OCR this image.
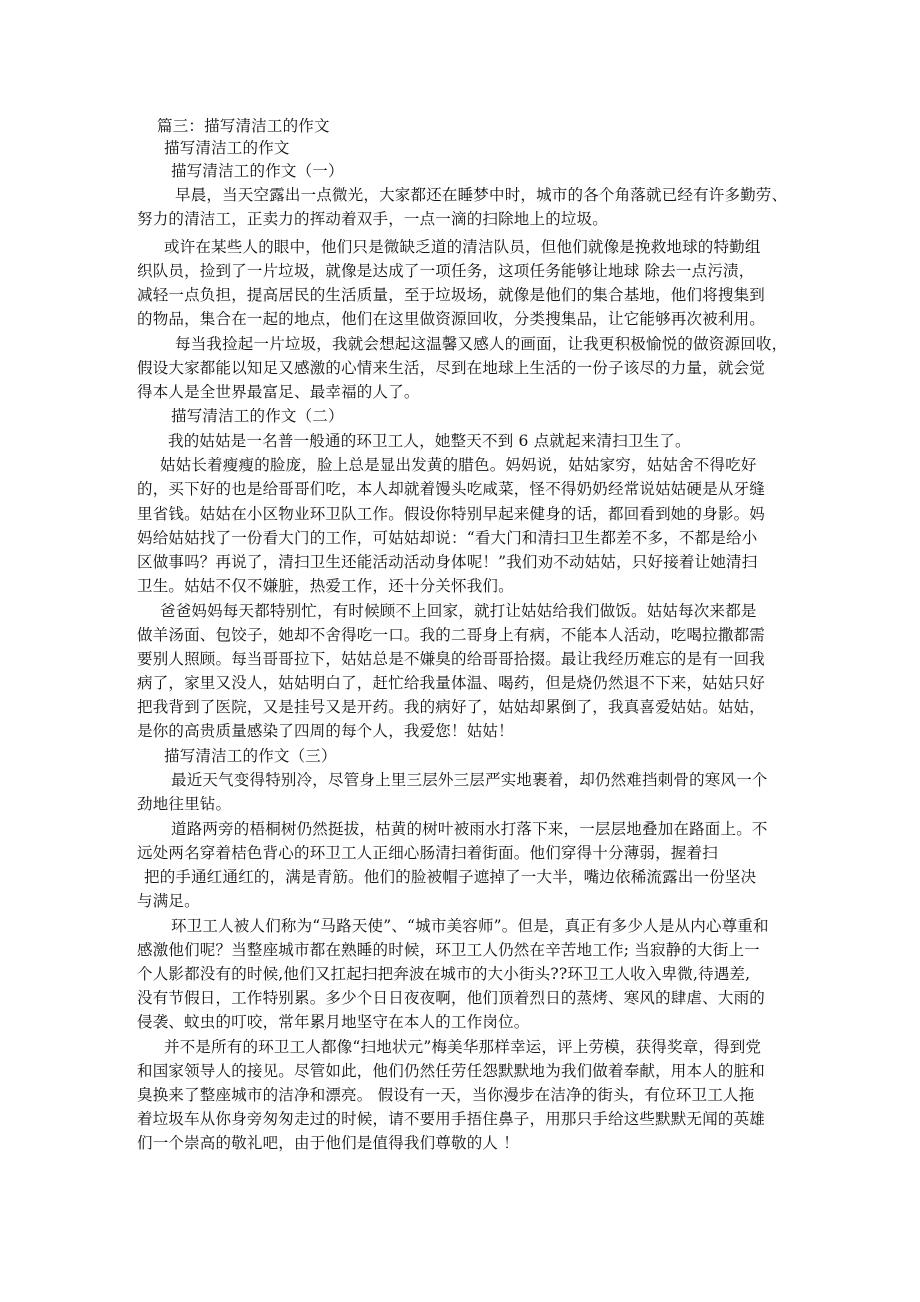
篇三：描写清洁工的作文
描写清洁工的作文
描写清洁工的作文（一）
早晨，当天空露出一点微光，大家都还在睡梦中时，城市的各个角落就已经有许多勤劳、
努力的清洁工，正卖力的挥动着双手，一点一滴的扫除地上的垃圾。
或许在某些人的眼中，他们只是微缺乏道的清洁队员，但他们就像是挽救地球的特勤组
织队员，捡到了一片垃圾，就像是达成了一项任务，这项任务能够让地球 除去一点污渍，
减轻一点负担，提高居民的生活质量，至于垃圾场，就像是他们的集合基地，他们将搜集到
的物品，集合在一起的地点，他们在这里做资源回收，分类搜集品，让它能够再次被利用。
每当我捡起一片垃圾，我就会想起这温馨又感人的画面，让我更积极愉悦的做资源回收，
假设大家都能以知足又感激的心情来生活，尽到在地球上生活的一份子该尽的力量，就会觉
得本人是全世界最富足、最幸福的人了。
描写清洁工的作文（二）
我的姑姑是一名普一般通的环卫工人，她整天不到 6 点就起来清扫卫生了。
姑姑长着瘦瘦的脸庞，脸上总是显出发黄的腊色。妈妈说，姑姑家穷，姑姑舍不得吃好
的，买下好的也是给哥哥们吃，本人却就着馒头吃咸菜，怪不得奶奶经常说姑姑硬是从牙缝
里省钱。姑姑在小区物业环卫队工作。假设你特别早起来健身的话，都回看到她的身影。妈
妈给姑姑找了一份看大门的工作，可姑姑却说：“看大门和清扫卫生都差不多，不都是给小
区做事吗？再说了，清扫卫生还能活动活动身体呢！”我们劝不动姑姑，只好接着让她清扫
卫生。姑姑不仅不嫌脏，热爱工作，还十分关怀我们。
爸爸妈妈每天都特别忙，有时候顾不上回家，就打让姑姑给我们做饭。姑姑每次来都是
做羊汤面、包饺子，她却不舍得吃一口。我的二哥身上有病，不能本人活动，吃喝拉撒都需
要别人照顾。每当哥哥拉下，姑姑总是不嫌臭的给哥哥拾掇。最让我经历难忘的是有一回我
病了，家里又没人，姑姑明白了，赶忙给我量体温、喝药，但是烧仍然退不下来，姑姑只好
把我背到了医院，又是挂号又是开药。我的病好了，姑姑却累倒了，我真喜爱姑姑。姑姑，
是你的高贵质量感染了四周的每个人，我爱您！姑姑！
描写清洁工的作文（三）
最近天气变得特别冷，尽管身上里三层外三层严实地裹着，却仍然难挡刺骨的寒风一个
劲地往里钻。
道路两旁的梧桐树仍然挺拔，枯黄的树叶被雨水打落下来，一层层地叠加在路面上。不
远处两名穿着桔色背心的环卫工人正细心肠清扫着街面。他们穿得十分薄弱，握着扫
把的手通红通红的，满是青筋。他们的脸被帽子遮掉了一大半，嘴边依稀流露出一份坚决
与满足。
环卫工人被人们称为“马路天使”、“城市美容师”。但是，真正有多少人是从内心尊重和
感激他们呢？当整座城市都在熟睡的时候，环卫工人仍然在辛苦地工作; 当寂静的大街上一
个人影都没有的时候,他们又扛起扫把奔波在城市的大小街头??环卫工人收入卑微,待遇差,
没有节假日，工作特别累。多少个日日夜夜啊，他们顶着烈日的蒸烤、寒风的肆虐、大雨的
侵袭、蚊虫的叮咬，常年累月地坚守在本人的工作岗位。
并不是所有的环卫工人都像“扫地状元”梅美华那样幸运，评上劳模，获得奖章，得到党
和国家领导人的接见。尽管如此，他们仍然任劳任怨默默地为我们做着奉献，用本人的脏和
臭换来了整座城市的洁净和漂亮。 假设有一天，当你漫步在洁净的街头，有位环卫工人拖
着垃圾车从你身旁匆匆走过的时候，请不要用手捂住鼻子，用那只手给这些默默无闻的英雄
们一个崇高的敬礼吧，由于他们是值得我们尊敬的人 ！
